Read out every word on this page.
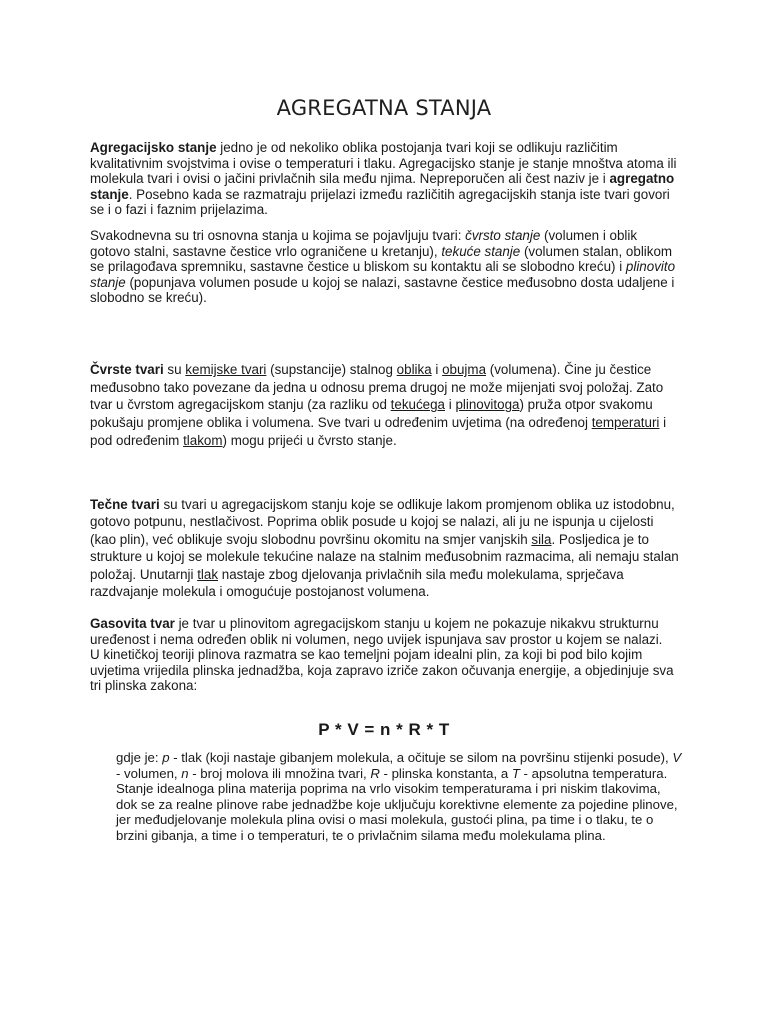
AGREGATNA STANJA

Agregacijsko stanje jedno je od nekoliko oblika postojanja tvari koji se odlikuju različitim kvalitativnim svojstvima i ovise o temperaturi i tlaku. Agregacijsko stanje je stanje mnoštva atoma ili molekula tvari i ovisi o jačini privlačnih sila među njima. Nepreporučen ali čest naziv je i agregatno stanje. Posebno kada se razmatraju prijelazi između različitih agregacijskih stanja iste tvari govori se i o fazi i faznim prijelazima.

Svakodnevna su tri osnovna stanja u kojima se pojavljuju tvari: čvrsto stanje (volumen i oblik gotovo stalni, sastavne čestice vrlo ograničene u kretanju), tekuće stanje (volumen stalan, oblikom se prilagođava spremniku, sastavne čestice u bliskom su kontaktu ali se slobodno kreću) i plinovito stanje (popunjava volumen posude u kojoj se nalazi, sastavne čestice međusobno dosta udaljene i slobodno se kreću).

Čvrste tvari su kemijske tvari (supstancije) stalnog oblika i obujma (volumena). Čine ju čestice međusobno tako povezane da jedna u odnosu prema drugoj ne može mijenjati svoj položaj. Zato tvar u čvrstom agregacijskom stanju (za razliku od tekućega i plinovitoga) pruža otpor svakomu pokušaju promjene oblika i volumena. Sve tvari u određenim uvjetima (na određenoj temperaturi i pod određenim tlakom) mogu prijeći u čvrsto stanje.

Tečne tvari su tvari u agregacijskom stanju koje se odlikuje lakom promjenom oblika uz istodobnu, gotovo potpunu, nestlačivost. Poprima oblik posude u kojoj se nalazi, ali ju ne ispunja u cijelosti (kao plin), već oblikuje svoju slobodnu površinu okomitu na smjer vanjskih sila. Posljedica je to strukture u kojoj se molekule tekućine nalaze na stalnim međusobnim razmacima, ali nemaju stalan položaj. Unutarnji tlak nastaje zbog djelovanja privlačnih sila među molekulama, sprječava razdvajanje molekula i omogućuje postojanost volumena.

Gasovita tvar je tvar u plinovitom agregacijskom stanju u kojem ne pokazuje nikakvu strukturnu uređenost i nema određen oblik ni volumen, nego uvijek ispunjava sav prostor u kojem se nalazi.
U kinetičkoj teoriji plinova razmatra se kao temeljni pojam idealni plin, za koji bi pod bilo kojim uvjetima vrijedila plinska jednadžba, koja zapravo izriče zakon očuvanja energije, a objedinjuje sva tri plinska zakona:

P * V = n * R * T

gdje je: p - tlak (koji nastaje gibanjem molekula, a očituje se silom na površinu stijenki posude), V - volumen, n - broj molova ili množina tvari, R - plinska konstanta, a T - apsolutna temperatura. Stanje idealnoga plina materija poprima na vrlo visokim temperaturama i pri niskim tlakovima, dok se za realne plinove rabe jednadžbe koje uključuju korektivne elemente za pojedine plinove, jer međudjelovanje molekula plina ovisi o masi molekula, gustoći plina, pa time i o tlaku, te o brzini gibanja, a time i o temperaturi, te o privlačnim silama među molekulama plina.
